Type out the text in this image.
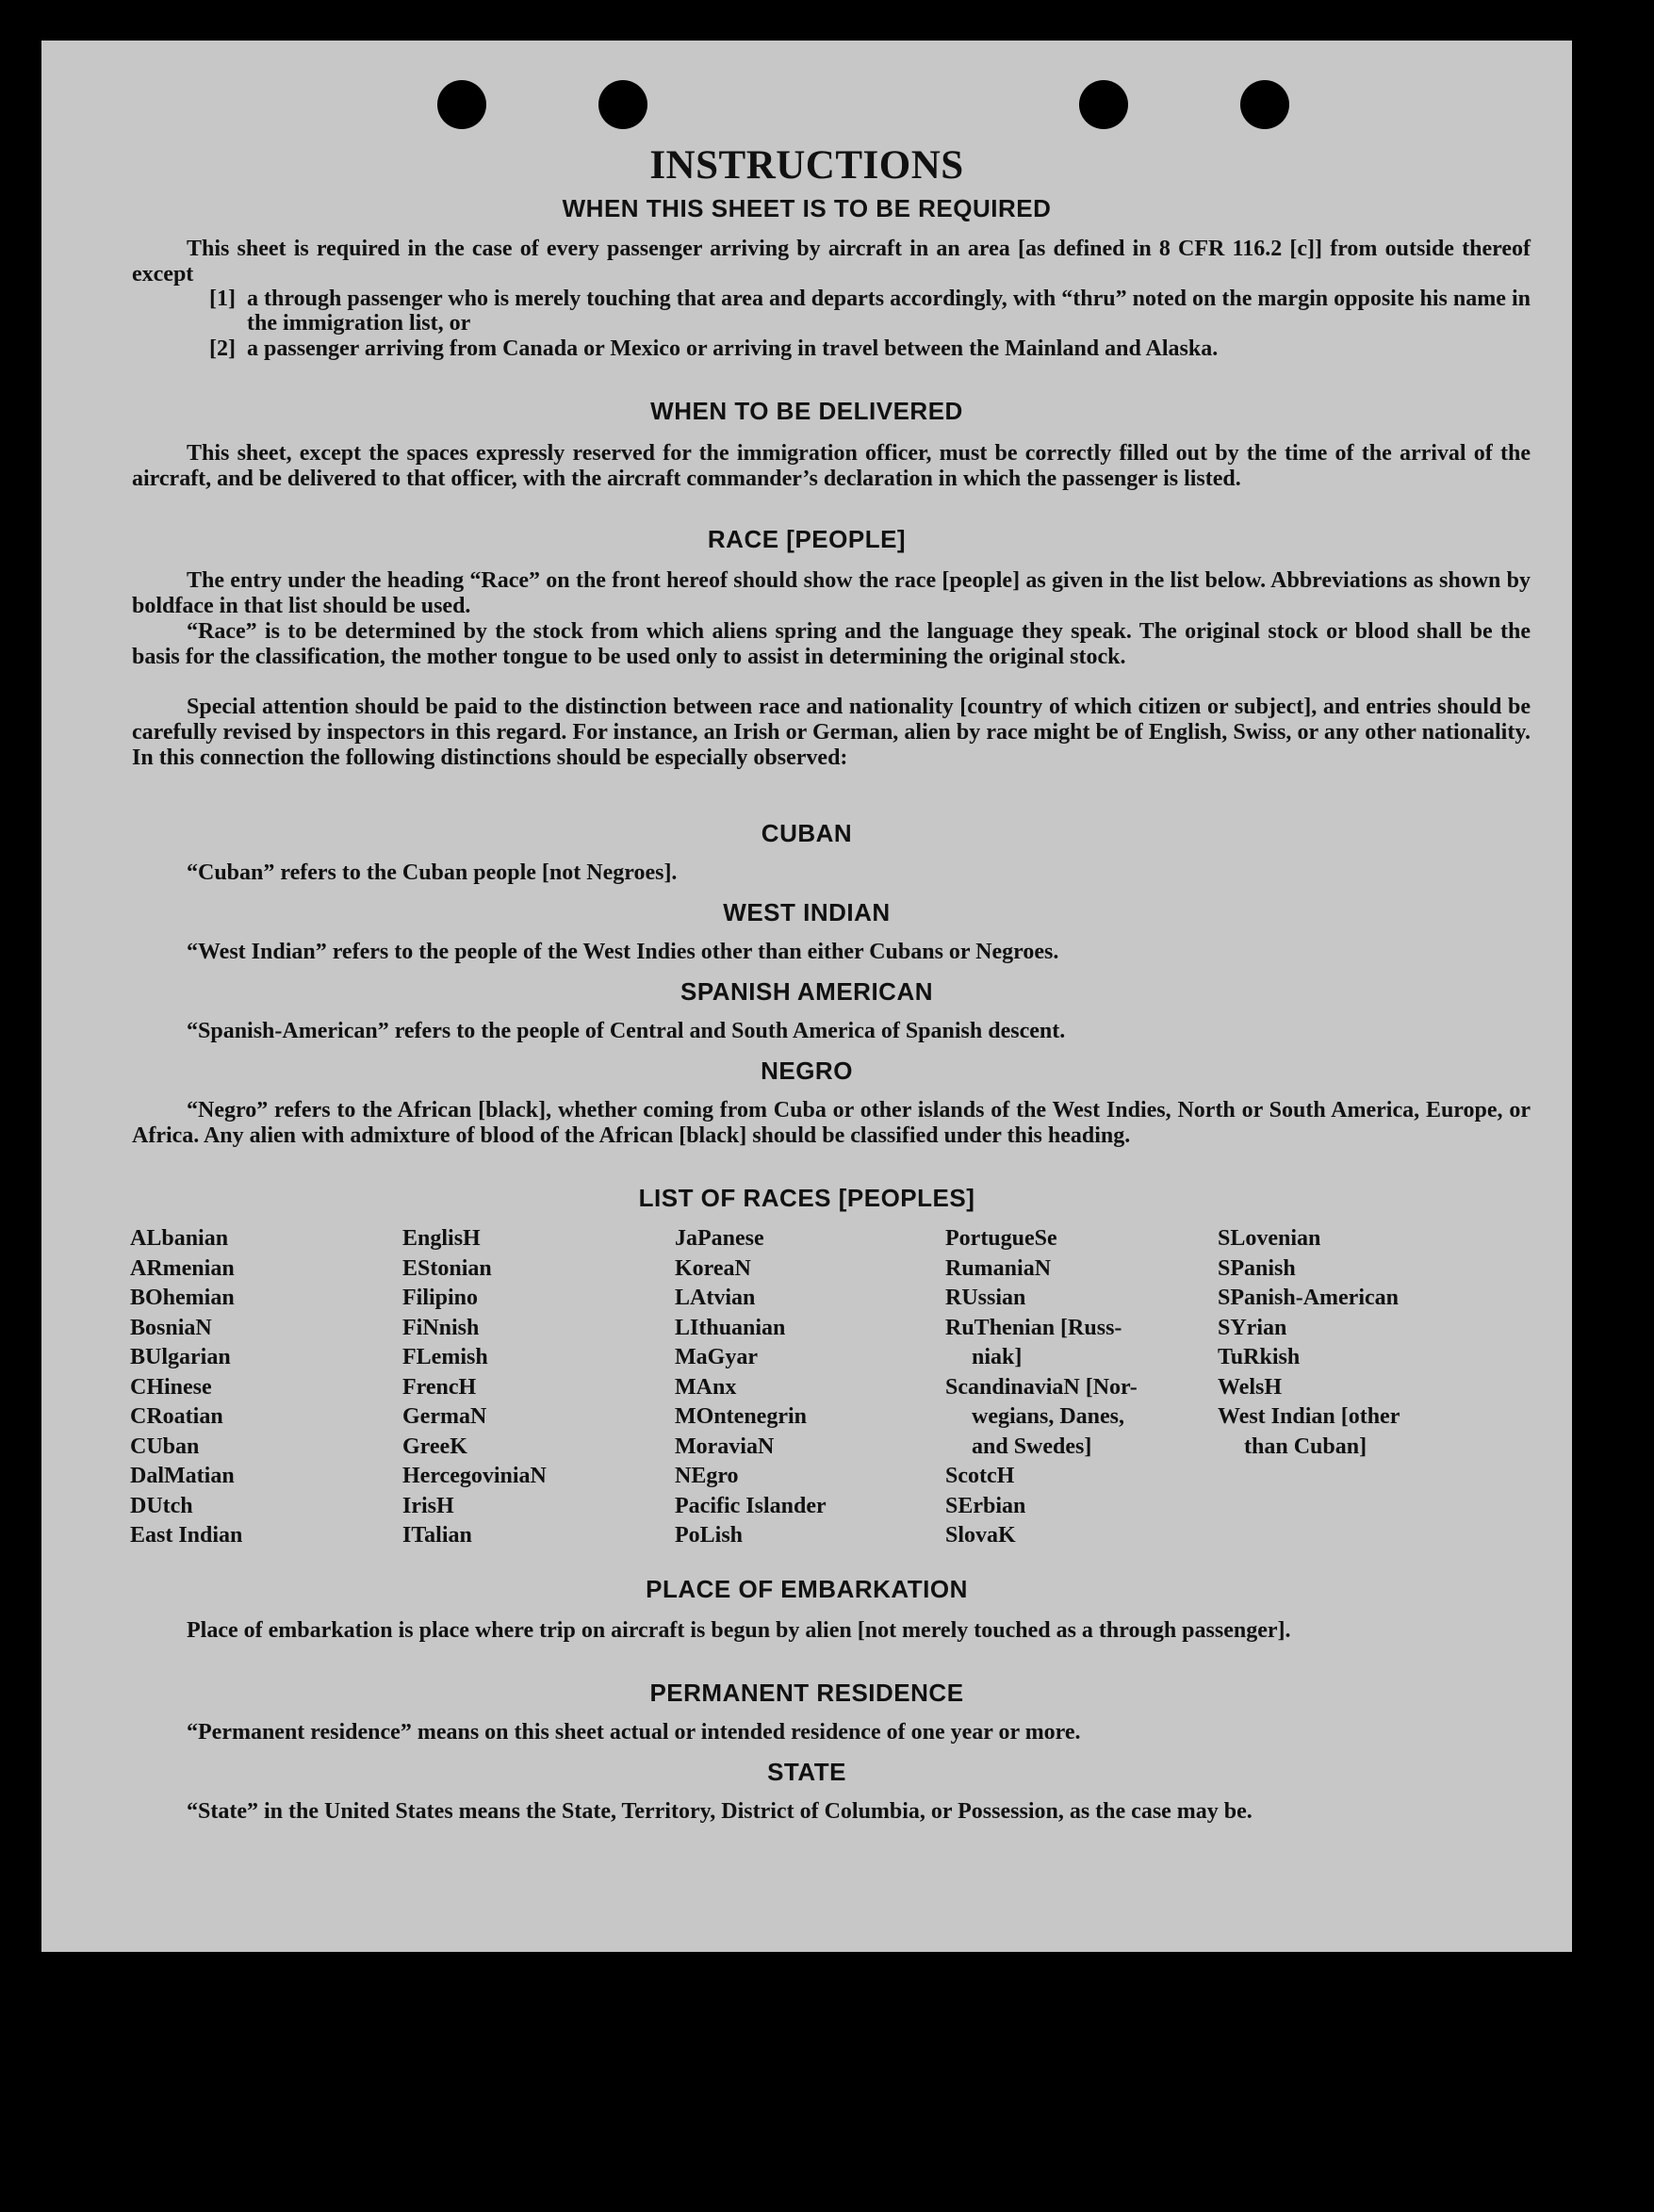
INSTRUCTIONS
WHEN THIS SHEET IS TO BE REQUIRED
This sheet is required in the case of every passenger arriving by aircraft in an area [as defined in 8 CFR 116.2 [c]] from outside thereof except
[1] a through passenger who is merely touching that area and departs accordingly, with “thru” noted on the margin opposite his name in the immigration list, or
[2] a passenger arriving from Canada or Mexico or arriving in travel between the Mainland and Alaska.
WHEN TO BE DELIVERED
This sheet, except the spaces expressly reserved for the immigration officer, must be correctly filled out by the time of the arrival of the aircraft, and be delivered to that officer, with the aircraft commander’s declaration in which the passenger is listed.
RACE [PEOPLE]
The entry under the heading “Race” on the front hereof should show the race [people] as given in the list below. Abbreviations as shown by boldface in that list should be used.
“Race” is to be determined by the stock from which aliens spring and the language they speak. The original stock or blood shall be the basis for the classification, the mother tongue to be used only to assist in determining the original stock.
Special attention should be paid to the distinction between race and nationality [country of which citizen or subject], and entries should be carefully revised by inspectors in this regard. For instance, an Irish or German, alien by race might be of English, Swiss, or any other nationality. In this connection the following distinctions should be especially observed:
CUBAN
“Cuban” refers to the Cuban people [not Negroes].
WEST INDIAN
“West Indian” refers to the people of the West Indies other than either Cubans or Negroes.
SPANISH AMERICAN
“Spanish-American” refers to the people of Central and South America of Spanish descent.
NEGRO
“Negro” refers to the African [black], whether coming from Cuba or other islands of the West Indies, North or South America, Europe, or Africa. Any alien with admixture of blood of the African [black] should be classified under this heading.
LIST OF RACES [PEOPLES]
ALbanian
ARmenian
BOhemian
BosniaN
BUlgarian
CHinese
CRoatian
CUban
DalMatian
DUtch
East Indian
EnglisH
EStonian
Filipino
FiNnish
FLemish
FrencH
GermaN
GreeK
HercegoviniaN
IrisH
ITalian
JaPanese
KoreaN
LAtvian
LIthuanian
MaGyar
MAnx
MOntenegrin
MoraviaN
NEgro
Pacific Islander
PoLish
PortugueSe
RumaniaN
RUssian
RuThenian [Russ-
niak]
ScandinaviaN [Nor-
wegians, Danes,
and Swedes]
ScotcH
SErbian
SlovaK
SLovenian
SPanish
SPanish-American
SYrian
TuRkish
WelsH
West Indian [other
than Cuban]
PLACE OF EMBARKATION
Place of embarkation is place where trip on aircraft is begun by alien [not merely touched as a through passenger].
PERMANENT RESIDENCE
“Permanent residence” means on this sheet actual or intended residence of one year or more.
STATE
“State” in the United States means the State, Territory, District of Columbia, or Possession, as the case may be.
